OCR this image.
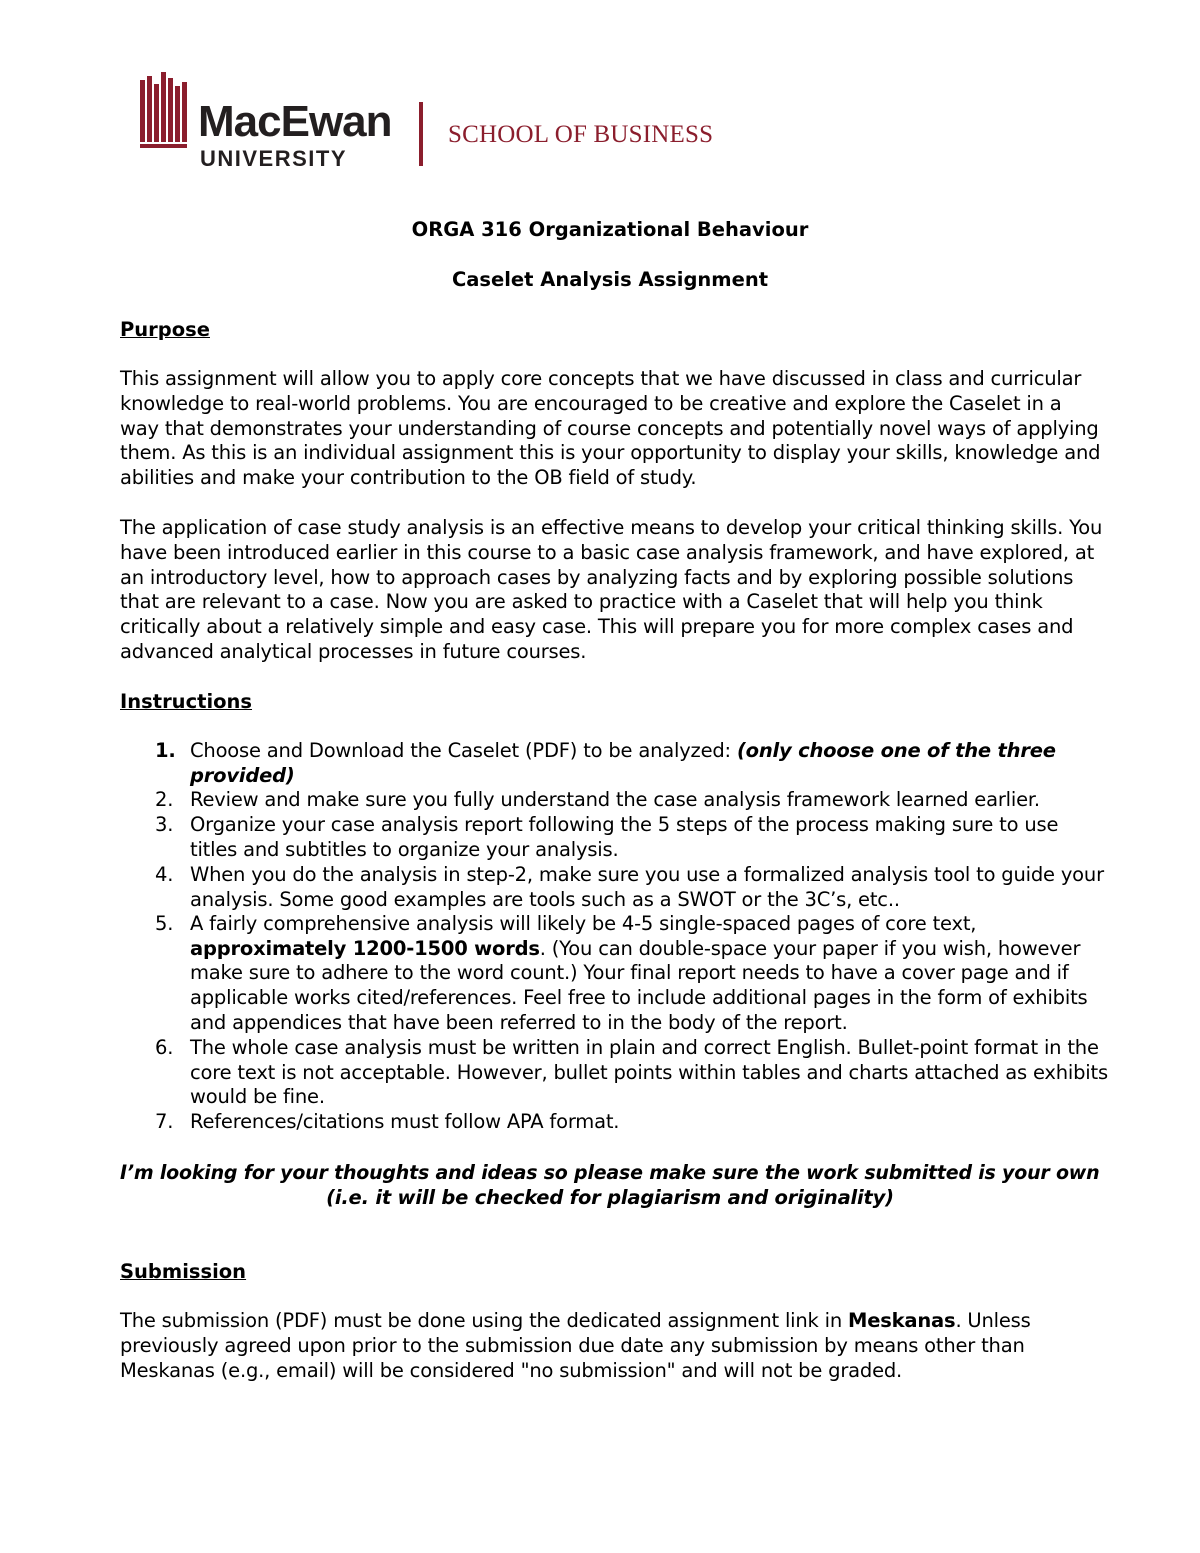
MacEwan
UNIVERSITY
SCHOOL OF BUSINESS
ORGA 316 Organizational Behaviour
Caselet Analysis Assignment
Purpose
This assignment will allow you to apply core concepts that we have discussed in class and curricular
knowledge to real-world problems. You are encouraged to be creative and explore the Caselet in a
way that demonstrates your understanding of course concepts and potentially novel ways of applying
them. As this is an individual assignment this is your opportunity to display your skills, knowledge and
abilities and make your contribution to the OB field of study.
The application of case study analysis is an effective means to develop your critical thinking skills. You
have been introduced earlier in this course to a basic case analysis framework, and have explored, at
an introductory level, how to approach cases by analyzing facts and by exploring possible solutions
that are relevant to a case. Now you are asked to practice with a Caselet that will help you think
critically about a relatively simple and easy case. This will prepare you for more complex cases and
advanced analytical processes in future courses.
Instructions
1. Choose and Download the Caselet (PDF) to be analyzed: (only choose one of the three
provided)
2. Review and make sure you fully understand the case analysis framework learned earlier.
3. Organize your case analysis report following the 5 steps of the process making sure to use
titles and subtitles to organize your analysis.
4. When you do the analysis in step-2, make sure you use a formalized analysis tool to guide your
analysis. Some good examples are tools such as a SWOT or the 3C’s, etc..
5. A fairly comprehensive analysis will likely be 4-5 single-spaced pages of core text,
approximately 1200-1500 words. (You can double-space your paper if you wish, however
make sure to adhere to the word count.) Your final report needs to have a cover page and if
applicable works cited/references. Feel free to include additional pages in the form of exhibits
and appendices that have been referred to in the body of the report.
6. The whole case analysis must be written in plain and correct English. Bullet-point format in the
core text is not acceptable. However, bullet points within tables and charts attached as exhibits
would be fine.
7. References/citations must follow APA format.
I’m looking for your thoughts and ideas so please make sure the work submitted is your own
(i.e. it will be checked for plagiarism and originality)
Submission
The submission (PDF) must be done using the dedicated assignment link in Meskanas. Unless
previously agreed upon prior to the submission due date any submission by means other than
Meskanas (e.g., email) will be considered "no submission" and will not be graded.
